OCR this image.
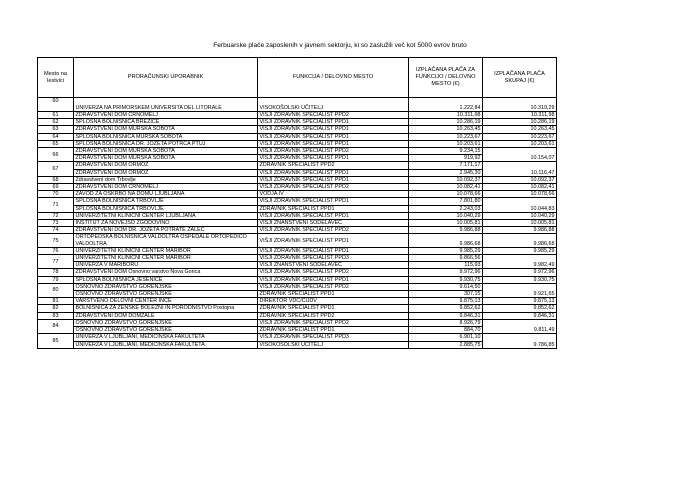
Ferbuarske plače zaposlenih v javnem sektorju, ki so zaslužili več kot 5000 evrov bruto
Mesto na lestvici	PRORAČUNSKI UPORABNIK	FUNKCIJA / DELOVNO MESTO	IZPLAČANA PLAČA ZA FUNKCIJO / DELOVNO MESTO (€)	IZPLAČANA PLAČA SKUPAJ (€)
60	UNIVERZA NA PRIMORSKEM UNIVERSITA DEL LITORALE	VISOKOŠOLSKI UČITELJ	1.222,84	10.319,29
61	ZDRAVSTVENI DOM ČRNOMELJ	VIŠJI ZDRAVNIK SPECIALIST PPD2	10.311,98	10.311,98
62	SPLOŠNA BOLNIŠNICA BREŽICE	VIŠJI ZDRAVNIK SPECIALIST PPD1	10.286,19	10.286,19
63	ZDRAVSTVENI DOM MURSKA SOBOTA	VIŠJI ZDRAVNIK SPECIALIST PPD1	10.263,45	10.263,45
64	SPLOŠNA BOLNIŠNICA MURSKA SOBOTA	VIŠJI ZDRAVNIK SPECIALIST PPD1	10.223,67	10.223,67
65	SPLOŠNA BOLNIŠNICA DR. JOŽETA POTRČA PTUJ	VIŠJI ZDRAVNIK SPECIALIST PPD1	10.203,61	10.203,61
66	ZDRAVSTVENI DOM MURSKA SOBOTA	VIŠJI ZDRAVNIK SPECIALIST PPD2	9.234,15	10.154,07
	ZDRAVSTVENI DOM MURSKA SOBOTA	VIŠJI ZDRAVNIK SPECIALIST PPD1	919,92	
67	ZDRAVSTVENI DOM ORMOŽ	ZDRAVNIK SPECIALIST PPD2	7.171,17	10.116,47
	ZDRAVSTVENI DOM ORMOŽ	VIŠJI ZDRAVNIK SPECIALIST PPD1	2.945,30	
68	Zdravstveni dom Trbovlje	VIŠJI ZDRAVNIK SPECIALIST PPD1	10.092,37	10.092,37
69	ZDRAVSTVENI DOM ČRNOMELJ	VIŠJI ZDRAVNIK SPECIALIST PPD2	10.082,41	10.082,41
70	ZAVOD ZA OSKRBO NA DOMU LJUBLJANA	VODJA IV	10.078,66	10.078,66
71	SPLOŠNA BOLNIŠNICA TRBOVLJE	VIŠJI ZDRAVNIK SPECIALIST PPD1	7.801,80	10.044,83
	SPLOŠNA BOLNIŠNICA TRBOVLJE	ZDRAVNIK SPECIALIST PPD1	2.243,03	
72	UNIVERZITETNI KLINIČNI CENTER LJUBLJANA	VIŠJI ZDRAVNIK SPECIALIST PPD1	10.040,29	10.040,29
73	INŠTITUT ZA NOVEJŠO ZGODOVINO	VIŠJI ZNANSTVENI SODELAVEC	10.005,81	10.005,81
74	ZDRAVSTVENI DOM DR. JOŽETA POTRATE ŽALEC	VIŠJI ZDRAVNIK SPECIALIST PPD2	9.986,88	9.986,88
75	ORTOPEDSKA BOLNIŠNICA VALDOLTRA OSPEDALE ORTOPEDICO VALDOLTRA	VIŠJI ZDRAVNIK SPECIALIST PPD1	9.986,68	9.986,68
76	UNIVERZITETNI KLINIČNI CENTER MARIBOR	VIŠJI ZDRAVNIK SPECIALIST PPD1	9.985,29	9.985,29
77	UNIVERZITETNI KLINIČNI CENTER MARIBOR	VIŠJI ZDRAVNIK SPECIALIST PPD3	9.866,56	9.982,49
	UNIVERZA V MARIBORU	VIŠJI ZNANSTVENI SODELAVEC	115,93	
78	ZDRAVSTVENI DOM Osnovno varstvo Nova Gorica	VIŠJI ZDRAVNIK SPECIALIST PPD2	9.972,96	9.972,96
79	SPLOŠNA BOLNIŠNICA JESENICE	VIŠJI ZDRAVNIK SPECIALIST PPD1	9.930,75	9.930,75
80	OSNOVNO ZDRAVSTVO GORENJSKE	VIŠJI ZDRAVNIK SPECIALIST PPD2	9.614,50	9.921,65
	OSNOVNO ZDRAVSTVO GORENJSKE	ZDRAVNIK SPECIALIST PPD1	307,15	
81	VARSTVENO DELOVNI CENTER INCE	DIREKTOR VDC/CUDV	9.875,13	9.875,13
82	BOLNIŠNICA ZA ŽENSKE BOLEZNI IN PORODNIŠTVO Postojna	ZDRAVNIK SPECIALIST PPD1	9.852,62	9.852,62
83	ZDRAVSTVENI DOM DOMŽALE	ZDRAVNIK SPECIALIST PPD2	9.846,31	9.846,31
84	OSNOVNO ZDRAVSTVO GORENJSKE	VIŠJI ZDRAVNIK SPECIALIST PPD2	8.926,79	9.811,49
	OSNOVNO ZDRAVSTVO GORENJSKE	ZDRAVNIK SPECIALIST PPD1	884,70	
85	UNIVERZA V LJUBLJANI, MEDICINSKA FAKULTETA	VIŠJI ZDRAVNIK SPECIALIST PPD3	6.901,10	9.786,85
	UNIVERZA V LJUBLJANI, MEDICINSKA FAKULTETA	VISOKOŠOLSKI UČITELJ	2.885,75	
